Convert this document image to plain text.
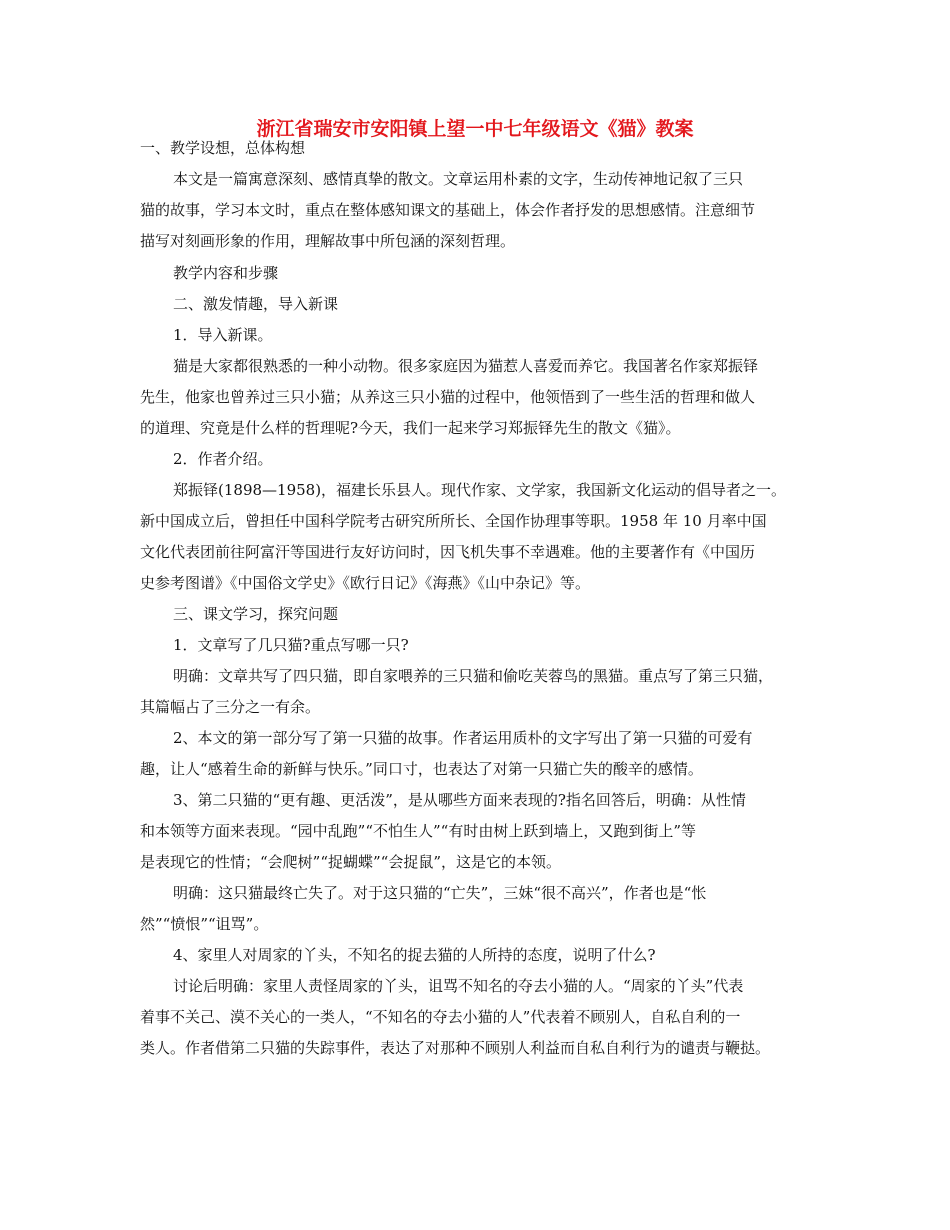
浙江省瑞安市安阳镇上望一中七年级语文《猫》教案
一、教学设想，总体构想
本文是一篇寓意深刻、感情真挚的散文。文章运用朴素的文字，生动传神地记叙了三只
猫的故事，学习本文时，重点在整体感知课文的基础上，体会作者抒发的思想感情。注意细节
描写对刻画形象的作用，理解故事中所包涵的深刻哲理。
教学内容和步骤
二、激发情趣，导入新课
1．导入新课。
猫是大家都很熟悉的一种小动物。很多家庭因为猫惹人喜爱而养它。我国著名作家郑振铎
先生，他家也曾养过三只小猫；从养这三只小猫的过程中，他领悟到了一些生活的哲理和做人
的道理、究竟是什么样的哲理呢?今天，我们一起来学习郑振铎先生的散文《猫》。
2．作者介绍。
郑振铎(1898—1958)，福建长乐县人。现代作家、文学家，我国新文化运动的倡导者之一。
新中国成立后，曾担任中国科学院考古研究所所长、全国作协理事等职。1958 年 10 月率中国
文化代表团前往阿富汗等国进行友好访问时，因飞机失事不幸遇难。他的主要著作有《中国历
史参考图谱》《中国俗文学史》《欧行日记》《海燕》《山中杂记》等。
三、课文学习，探究问题
1．文章写了几只猫?重点写哪一只?
明确：文章共写了四只猫，即自家喂养的三只猫和偷吃芙蓉鸟的黑猫。重点写了第三只猫，
其篇幅占了三分之一有余。
2、本文的第一部分写了第一只猫的故事。作者运用质朴的文字写出了第一只猫的可爱有
趣，让人“感着生命的新鲜与快乐。”同口寸，也表达了对第一只猫亡失的酸辛的感情。
3、第二只猫的“更有趣、更活泼”，是从哪些方面来表现的?指名回答后，明确：从性情
和本领等方面来表现。“园中乱跑”“不怕生人”“有时由树上跃到墙上，又跑到街上”等
是表现它的性情；“会爬树”“捉蝴蝶”“会捉鼠”，这是它的本领。
明确：这只猫最终亡失了。对于这只猫的“亡失”，三妹“很不高兴”，作者也是“怅
然”“愤恨”“诅骂”。
4、家里人对周家的丫头，不知名的捉去猫的人所持的态度，说明了什么?
讨论后明确：家里人责怪周家的丫头，诅骂不知名的夺去小猫的人。“周家的丫头”代表
着事不关己、漠不关心的一类人，“不知名的夺去小猫的人”代表着不顾别人，自私自利的一
类人。作者借第二只猫的失踪事件，表达了对那种不顾别人利益而自私自利行为的谴责与鞭挞。
